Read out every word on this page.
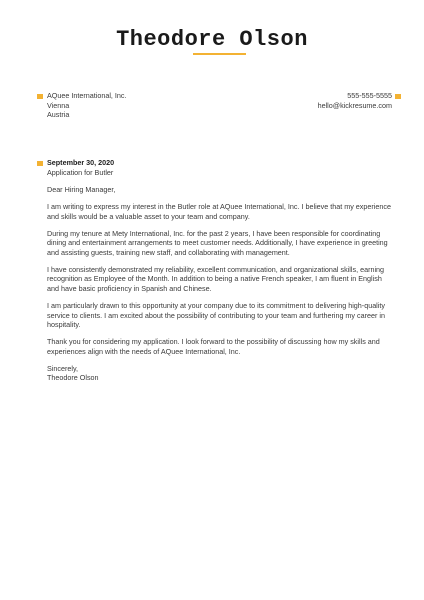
Theodore Olson
AQuee International, Inc.
Vienna
Austria
555-555-5555
hello@kickresume.com
September 30, 2020
Application for Butler

Dear Hiring Manager,

I am writing to express my interest in the Butler role at AQuee International, Inc. I believe that my experience and skills would be a valuable asset to your team and company.

During my tenure at Mety International, Inc. for the past 2 years, I have been responsible for coordinating dining and entertainment arrangements to meet customer needs. Additionally, I have experience in greeting and assisting guests, training new staff, and collaborating with management.

I have consistently demonstrated my reliability, excellent communication, and organizational skills, earning recognition as Employee of the Month. In addition to being a native French speaker, I am fluent in English and have basic proficiency in Spanish and Chinese.

I am particularly drawn to this opportunity at your company due to its commitment to delivering high-quality service to clients. I am excited about the possibility of contributing to your team and furthering my career in hospitality.

Thank you for considering my application. I look forward to the possibility of discussing how my skills and experiences align with the needs of AQuee International, Inc.

Sincerely,
Theodore Olson
